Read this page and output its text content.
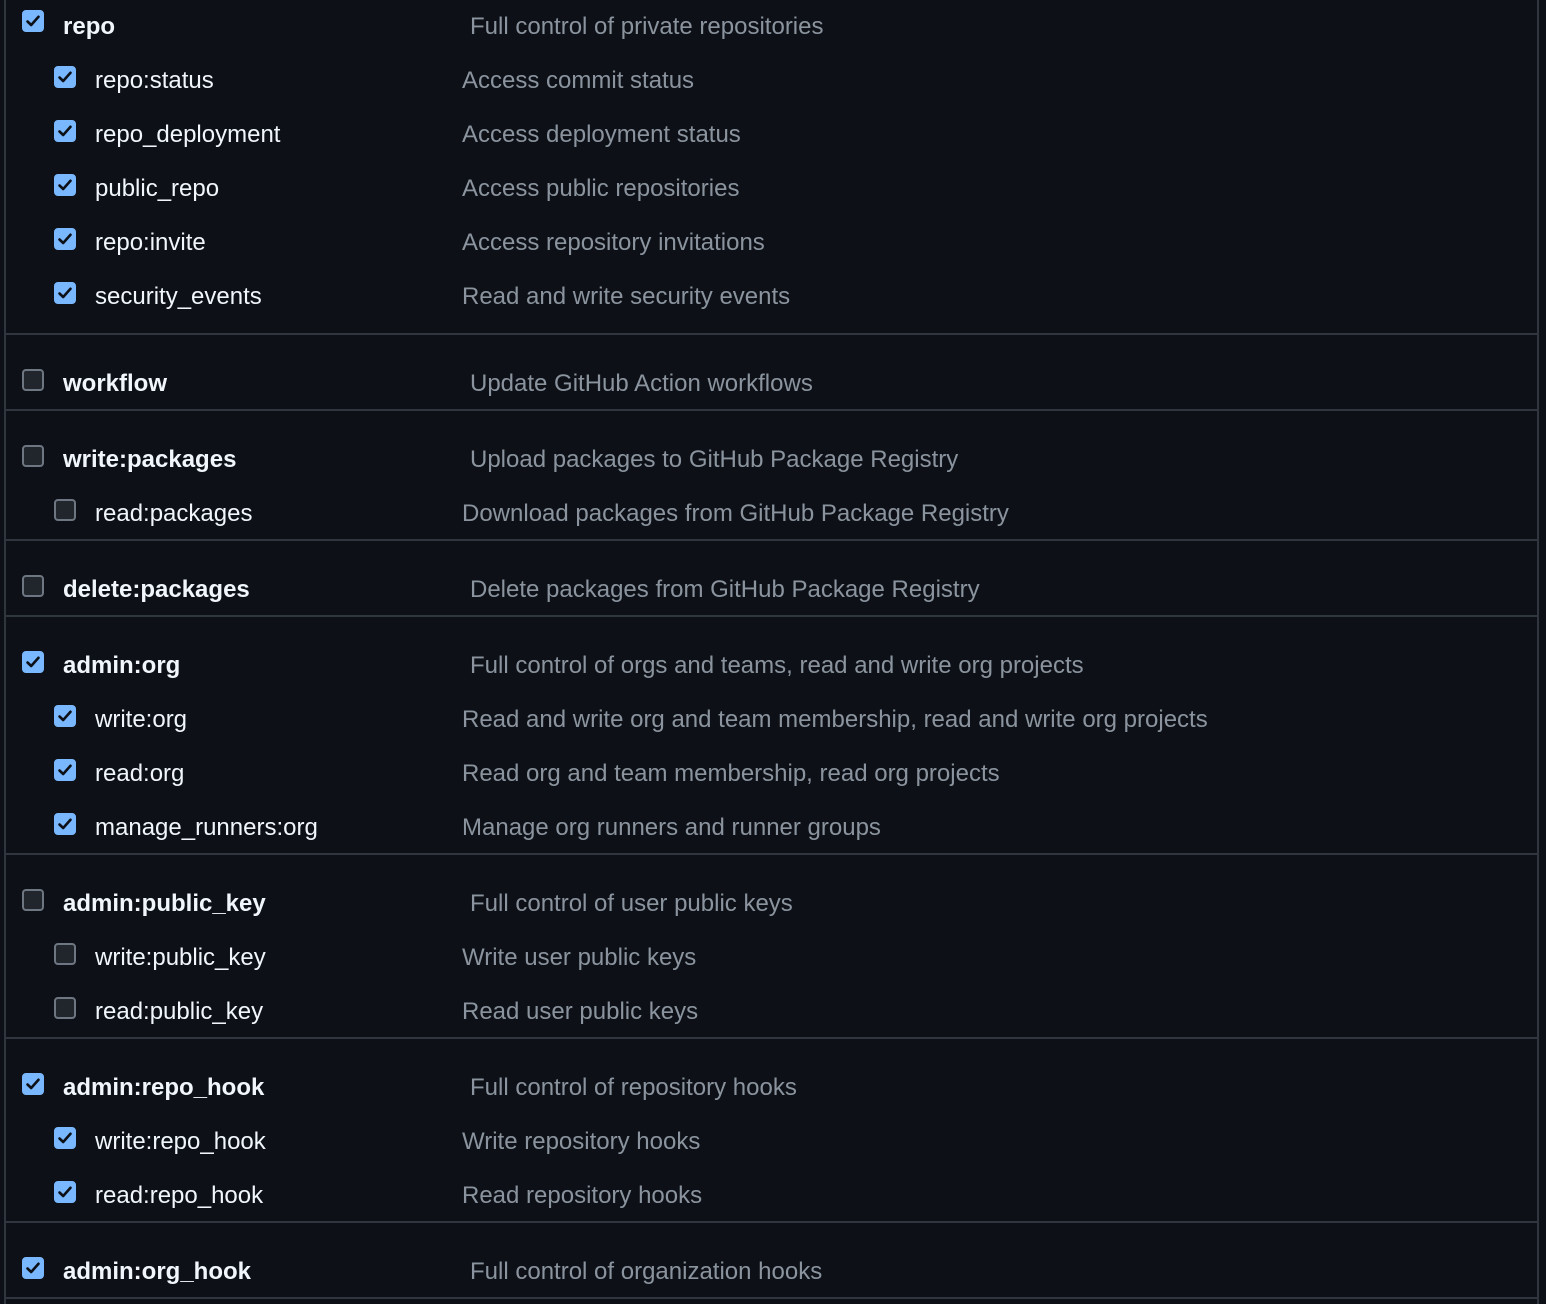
repo	Full control of private repositories
repo:status	Access commit status
repo_deployment	Access deployment status
public_repo	Access public repositories
repo:invite	Access repository invitations
security_events	Read and write security events
workflow	Update GitHub Action workflows
write:packages	Upload packages to GitHub Package Registry
read:packages	Download packages from GitHub Package Registry
delete:packages	Delete packages from GitHub Package Registry
admin:org	Full control of orgs and teams, read and write org projects
write:org	Read and write org and team membership, read and write org projects
read:org	Read org and team membership, read org projects
manage_runners:org	Manage org runners and runner groups
admin:public_key	Full control of user public keys
write:public_key	Write user public keys
read:public_key	Read user public keys
admin:repo_hook	Full control of repository hooks
write:repo_hook	Write repository hooks
read:repo_hook	Read repository hooks
admin:org_hook	Full control of organization hooks
